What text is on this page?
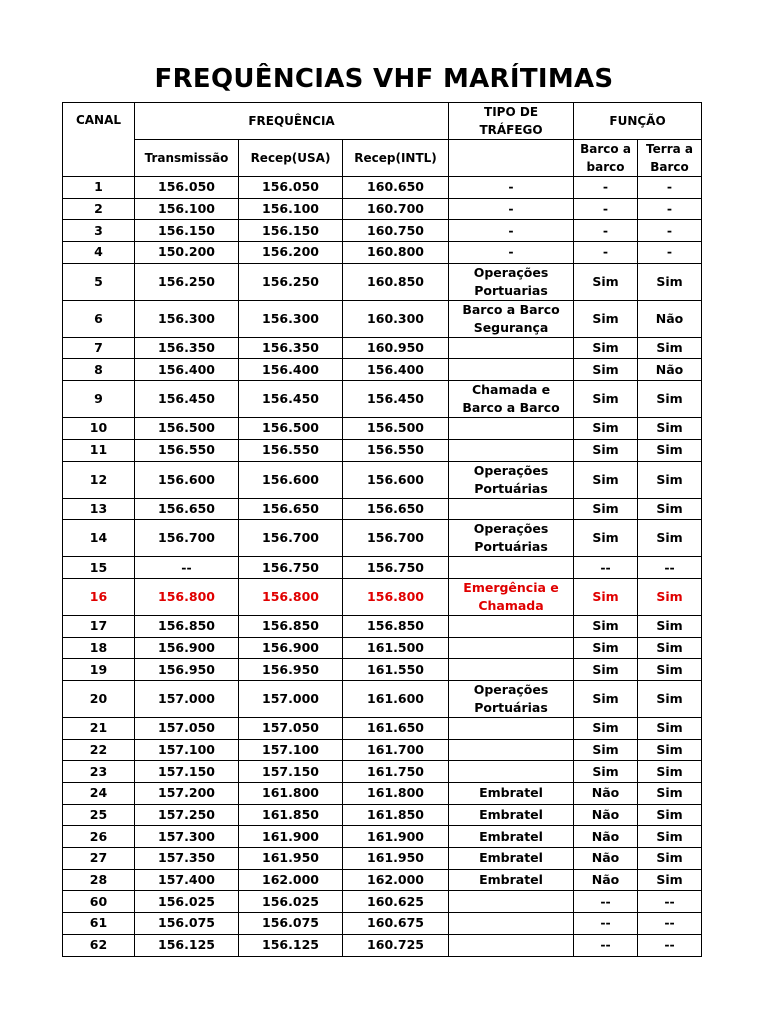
FREQUÊNCIAS VHF MARÍTIMAS
CANAL	FREQUÊNCIA			TIPO DE TRÁFEGO	FUNÇÃO	
	Transmissão	Recep(USA)	Recep(INTL)		Barco a barco	Terra a Barco
1	156.050	156.050	160.650	-	-	-
2	156.100	156.100	160.700	-	-	-
3	156.150	156.150	160.750	-	-	-
4	150.200	156.200	160.800	-	-	-
5	156.250	156.250	160.850	Operações Portuarias	Sim	Sim
6	156.300	156.300	160.300	Barco a Barco Segurança	Sim	Não
7	156.350	156.350	160.950		Sim	Sim
8	156.400	156.400	156.400		Sim	Não
9	156.450	156.450	156.450	Chamada e Barco a Barco	Sim	Sim
10	156.500	156.500	156.500		Sim	Sim
11	156.550	156.550	156.550		Sim	Sim
12	156.600	156.600	156.600	Operações Portuárias	Sim	Sim
13	156.650	156.650	156.650		Sim	Sim
14	156.700	156.700	156.700	Operações Portuárias	Sim	Sim
15	--	156.750	156.750		--	--
16	156.800	156.800	156.800	Emergência e Chamada	Sim	Sim
17	156.850	156.850	156.850		Sim	Sim
18	156.900	156.900	161.500		Sim	Sim
19	156.950	156.950	161.550		Sim	Sim
20	157.000	157.000	161.600	Operações Portuárias	Sim	Sim
21	157.050	157.050	161.650		Sim	Sim
22	157.100	157.100	161.700		Sim	Sim
23	157.150	157.150	161.750		Sim	Sim
24	157.200	161.800	161.800	Embratel	Não	Sim
25	157.250	161.850	161.850	Embratel	Não	Sim
26	157.300	161.900	161.900	Embratel	Não	Sim
27	157.350	161.950	161.950	Embratel	Não	Sim
28	157.400	162.000	162.000	Embratel	Não	Sim
60	156.025	156.025	160.625		--	--
61	156.075	156.075	160.675		--	--
62	156.125	156.125	160.725		--	--
